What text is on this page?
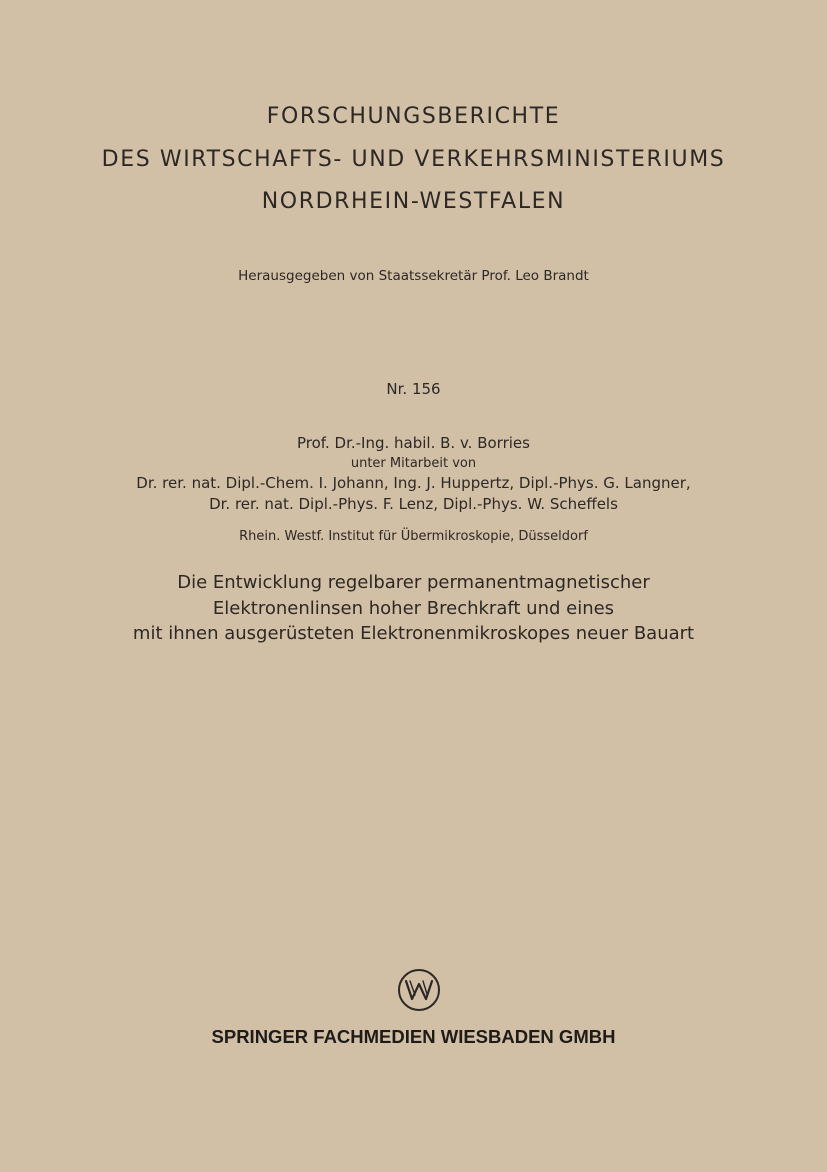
FORSCHUNGSBERICHTE
DES WIRTSCHAFTS- UND VERKEHRSMINISTERIUMS
NORDRHEIN-WESTFALEN
Herausgegeben von Staatssekretär Prof. Leo Brandt
Nr. 156
Prof. Dr.-Ing. habil. B. v. Borries
unter Mitarbeit von
Dr. rer. nat. Dipl.-Chem. I. Johann, Ing. J. Huppertz, Dipl.-Phys. G. Langner,
Dr. rer. nat. Dipl.-Phys. F. Lenz, Dipl.-Phys. W. Scheffels
Rhein. Westf. Institut für Übermikroskopie, Düsseldorf
Die Entwicklung regelbarer permanentmagnetischer
Elektronenlinsen hoher Brechkraft und eines
mit ihnen ausgerüsteten Elektronenmikroskopes neuer Bauart
SPRINGER FACHMEDIEN WIESBADEN GMBH
